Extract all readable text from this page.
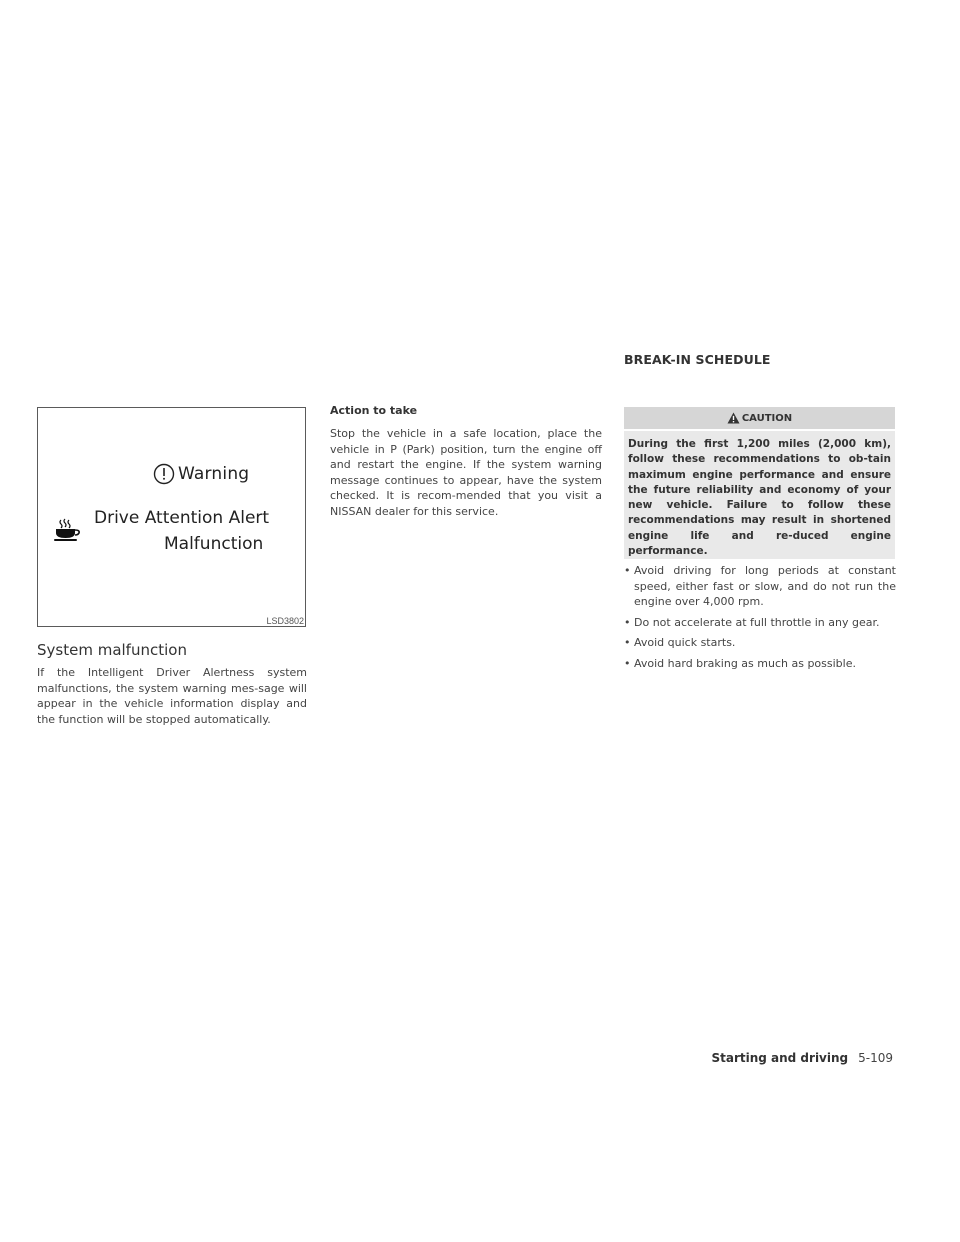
Warning
Drive Attention Alert
Malfunction
LSD3802
System malfunction

If the Intelligent Driver Alertness system malfunctions, the system warning mes-sage will appear in the vehicle information display and the function will be stopped automatically.

Action to take

Stop the vehicle in a safe location, place the vehicle in P (Park) position, turn the engine off and restart the engine. If the system warning message continues to appear, have the system checked. It is recom-mended that you visit a NISSAN dealer for this service.

BREAK-IN SCHEDULE
CAUTION

During the first 1,200 miles (2,000 km), follow these recommendations to ob-tain maximum engine performance and ensure the future reliability and economy of your new vehicle. Failure to follow these recommendations may result in shortened engine life and re-duced engine performance.

• Avoid driving for long periods at constant speed, either fast or slow, and do not run the engine over 4,000 rpm.
• Do not accelerate at full throttle in any gear.
• Avoid quick starts.
• Avoid hard braking as much as possible.
Starting and driving 5-109
